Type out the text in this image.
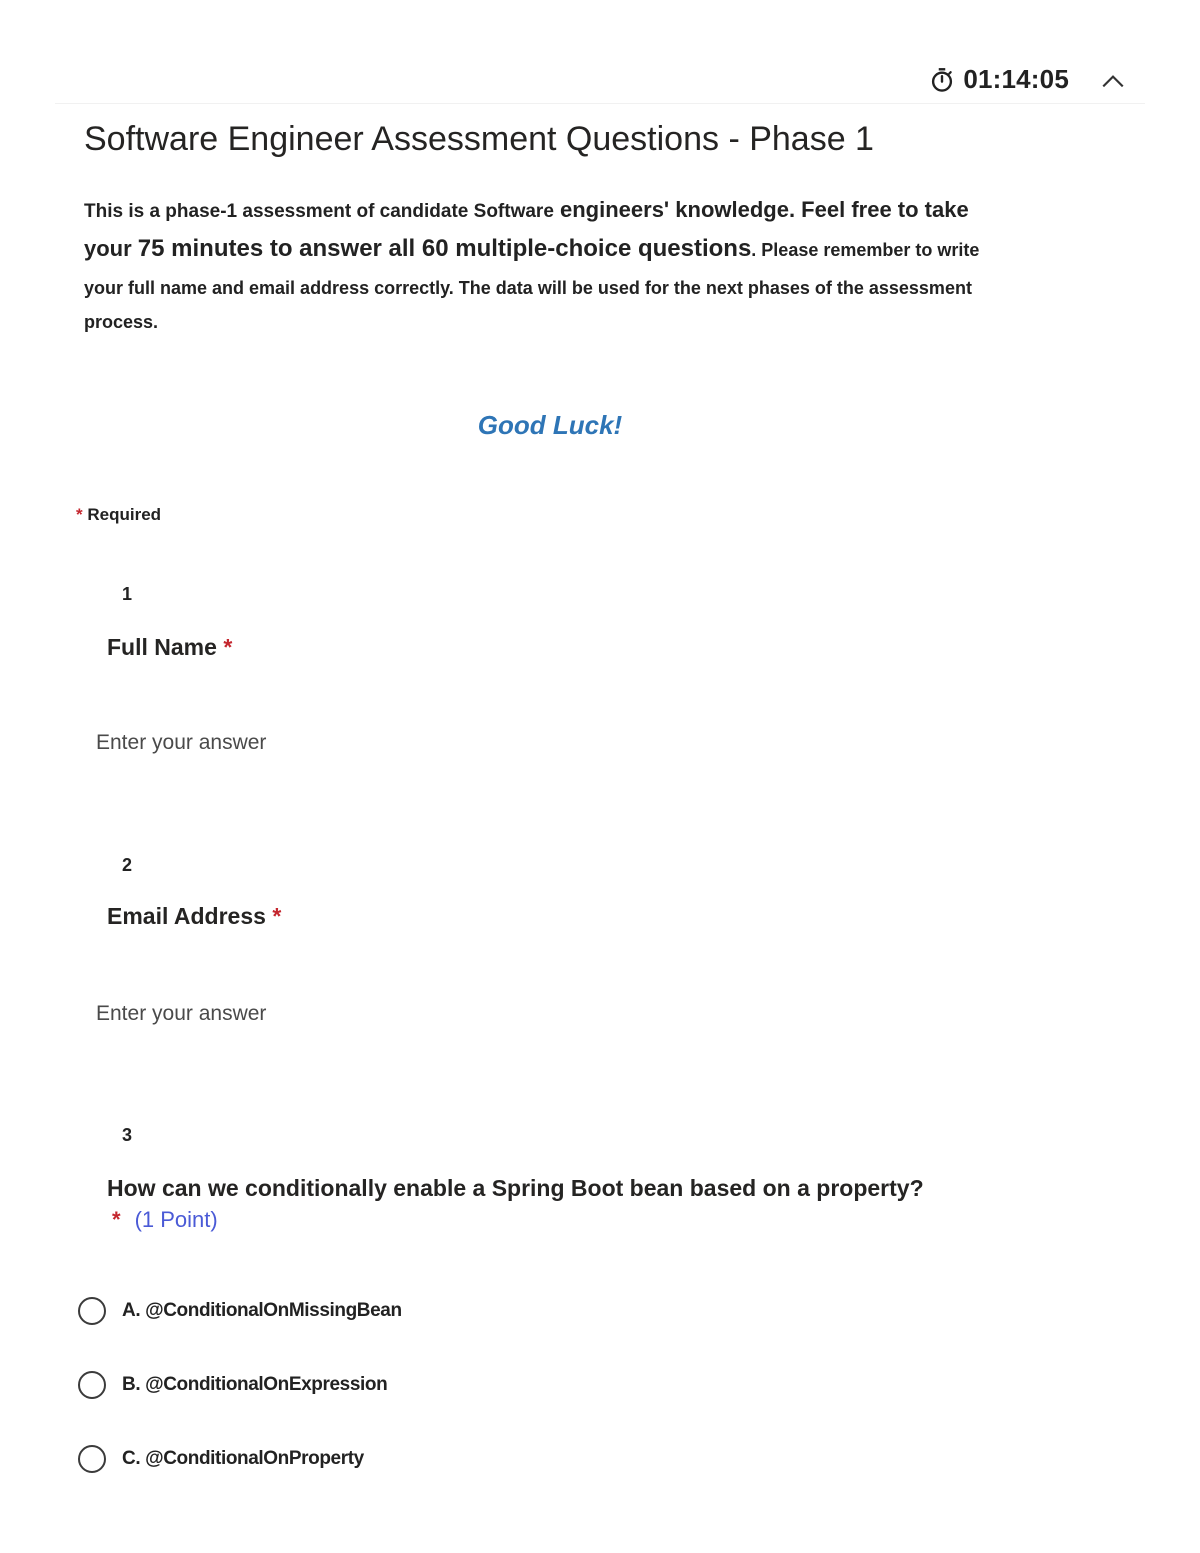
01:14:05
Software Engineer Assessment Questions - Phase 1
This is a phase-1 assessment of candidate Software engineers' knowledge. Feel free to take
your 75 minutes to answer all 60 multiple-choice questions. Please remember to write
your full name and email address correctly. The data will be used for the next phases of the assessment
process.
Good Luck!
* Required
1
Full Name *
Enter your answer
2
Email Address *
Enter your answer
3
How can we conditionally enable a Spring Boot bean based on a property?
* (1 Point)
A. @ConditionalOnMissingBean
B. @ConditionalOnExpression
C. @ConditionalOnProperty
